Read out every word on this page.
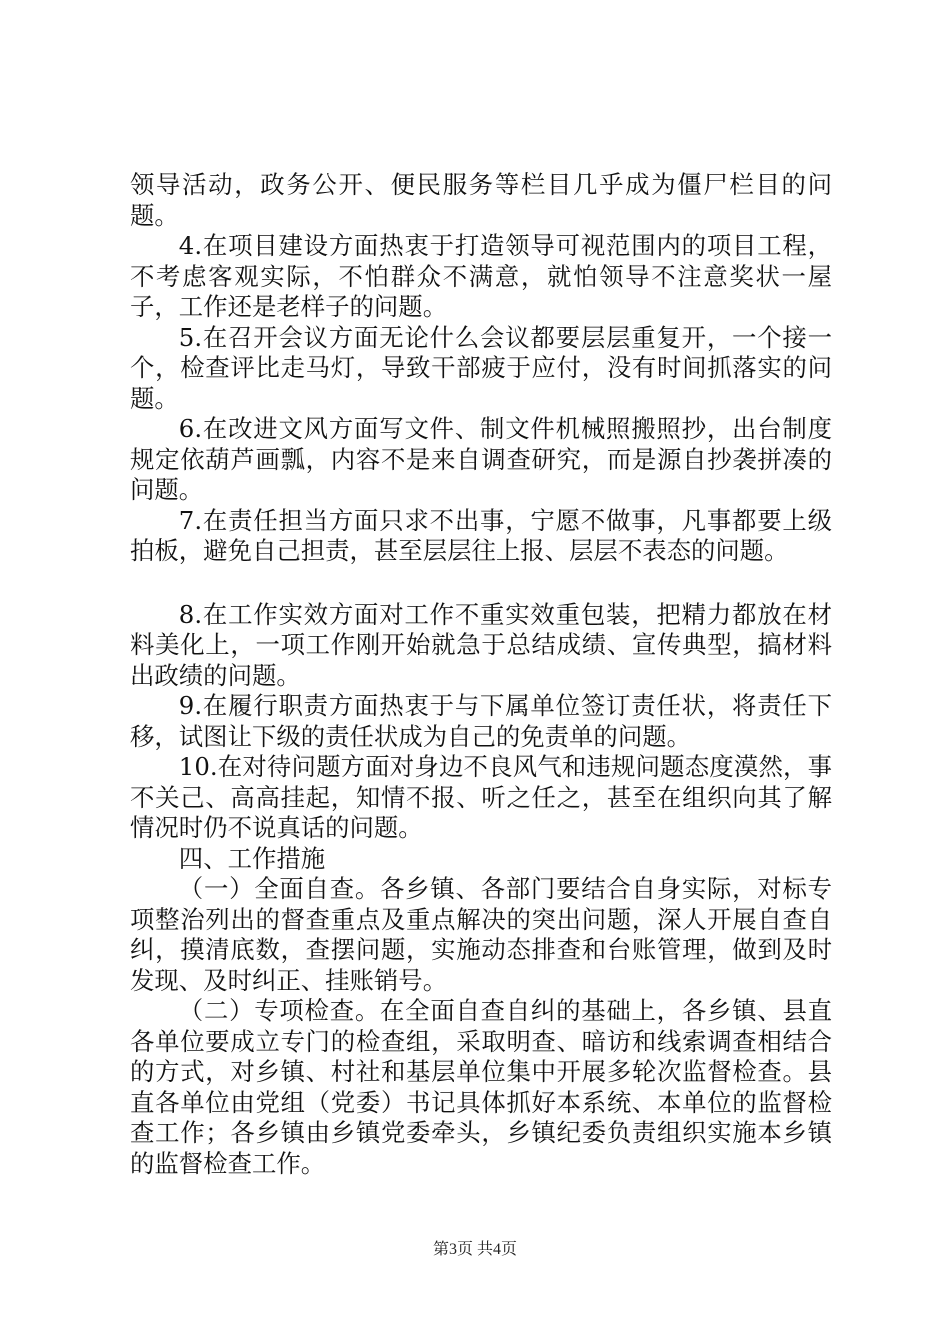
领导活动，政务公开、便民服务等栏目几乎成为僵尸栏目的问题。

4.在项目建设方面热衷于打造领导可视范围内的项目工程，不考虑客观实际，不怕群众不满意，就怕领导不注意奖状一屋子，工作还是老样子的问题。

5.在召开会议方面无论什么会议都要层层重复开，一个接一个，检查评比走马灯，导致干部疲于应付，没有时间抓落实的问题。

6.在改进文风方面写文件、制文件机械照搬照抄，出台制度规定依葫芦画瓢，内容不是来自调查研究，而是源自抄袭拼凑的问题。

7.在责任担当方面只求不出事，宁愿不做事，凡事都要上级拍板，避免自己担责，甚至层层往上报、层层不表态的问题。

8.在工作实效方面对工作不重实效重包装，把精力都放在材料美化上，一项工作刚开始就急于总结成绩、宣传典型，搞材料出政绩的问题。

9.在履行职责方面热衷于与下属单位签订责任状，将责任下移，试图让下级的责任状成为自己的免责单的问题。

10.在对待问题方面对身边不良风气和违规问题态度漠然，事不关己、高高挂起，知情不报、听之任之，甚至在组织向其了解情况时仍不说真话的问题。

四、工作措施

（一）全面自查。各乡镇、各部门要结合自身实际，对标专项整治列出的督查重点及重点解决的突出问题，深人开展自查自纠，摸清底数，查摆问题，实施动态排查和台账管理，做到及时发现、及时纠正、挂账销号。

（二）专项检查。在全面自查自纠的基础上，各乡镇、县直各单位要成立专门的检查组，采取明查、暗访和线索调查相结合的方式，对乡镇、村社和基层单位集中开展多轮次监督检查。县直各单位由党组（党委）书记具体抓好本系统、本单位的监督检查工作；各乡镇由乡镇党委牵头，乡镇纪委负责组织实施本乡镇的监督检查工作。

第3页 共4页
